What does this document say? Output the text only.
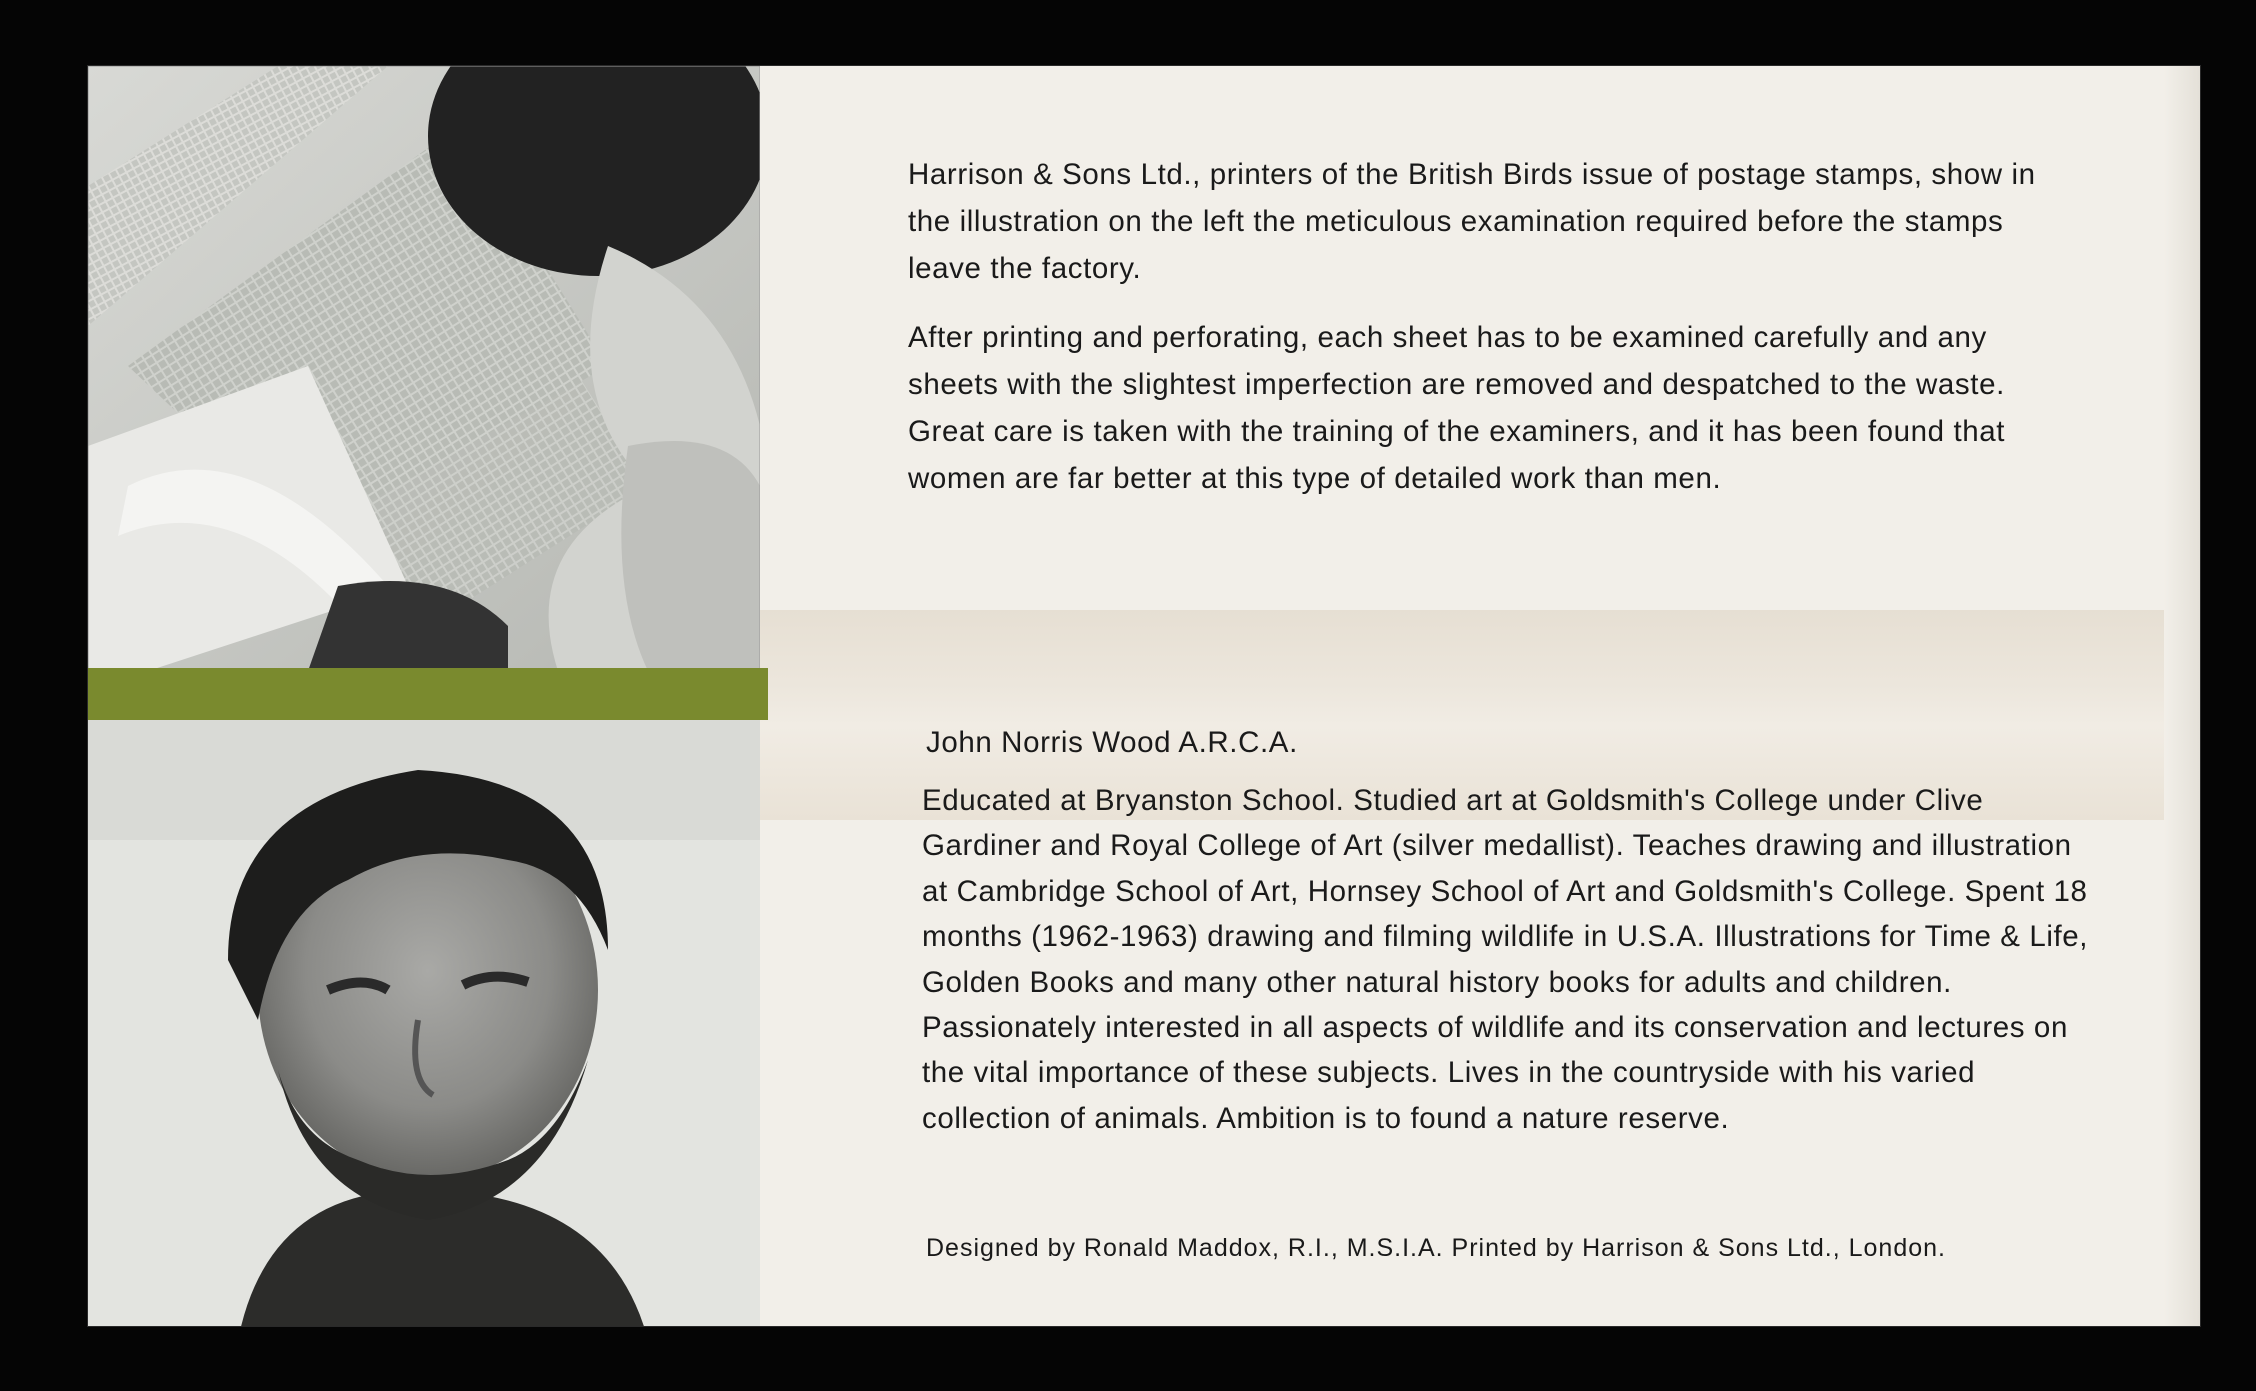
Harrison & Sons Ltd., printers of the British Birds issue of postage stamps, show in the illustration on the left the meticulous examination required before the stamps leave the factory.

After printing and perforating, each sheet has to be examined carefully and any sheets with the slightest imperfection are removed and despatched to the waste. Great care is taken with the training of the examiners, and it has been found that women are far better at this type of detailed work than men.

John Norris Wood A.R.C.A.

Educated at Bryanston School. Studied art at Goldsmith's College under Clive Gardiner and Royal College of Art (silver medallist). Teaches drawing and illustration at Cambridge School of Art, Hornsey School of Art and Goldsmith's College. Spent 18 months (1962-1963) drawing and filming wildlife in U.S.A. Illustrations for Time & Life, Golden Books and many other natural history books for adults and children. Passionately interested in all aspects of wildlife and its conservation and lectures on the vital importance of these subjects. Lives in the countryside with his varied collection of animals. Ambition is to found a nature reserve.

Designed by Ronald Maddox, R.I., M.S.I.A. Printed by Harrison & Sons Ltd., London.
